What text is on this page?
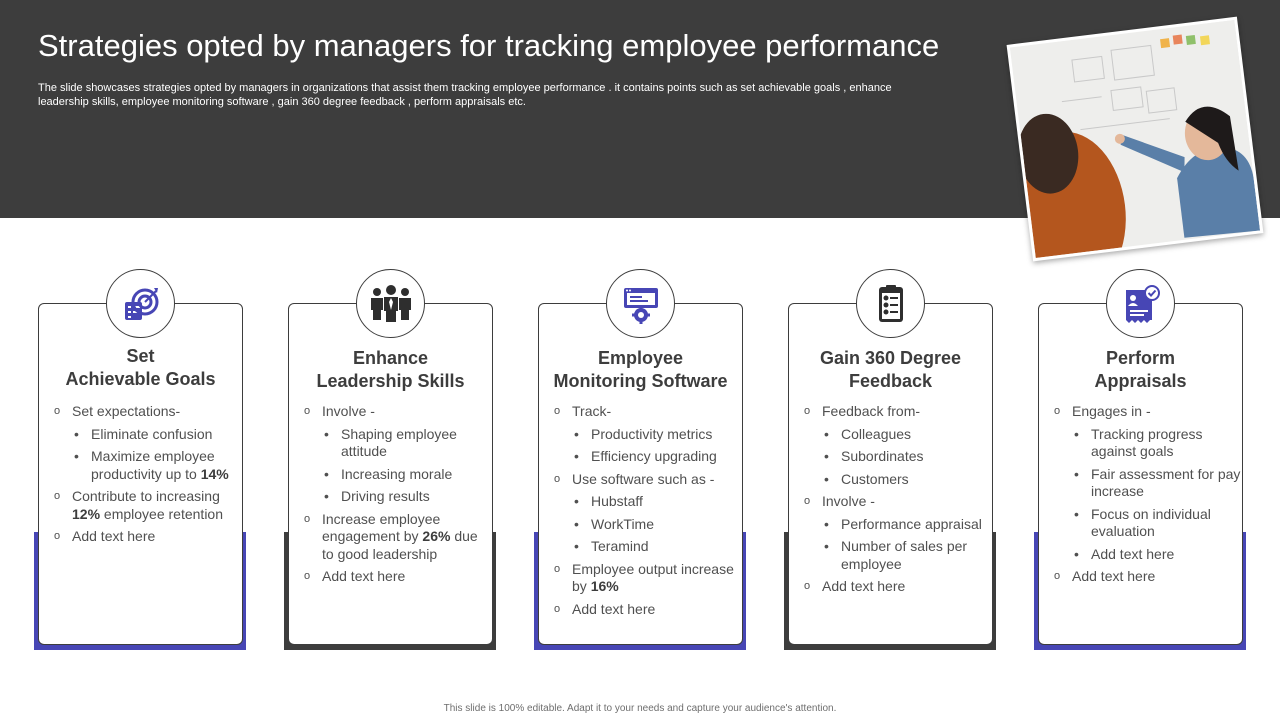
Strategies opted by managers for tracking employee performance

The slide showcases strategies opted by managers in organizations that assist them tracking employee performance . it contains points such as set achievable goals , enhance leadership skills, employee monitoring software , gain 360 degree feedback , perform appraisals etc.

Set
Achievable Goals
o Set expectations-
• Eliminate confusion
• Maximize employee productivity up to 14%
o Contribute to increasing 12% employee retention
o Add text here
Enhance
Leadership Skills
o Involve -
• Shaping employee attitude
• Increasing morale
• Driving results
o Increase employee engagement by 26% due to good leadership
o Add text here
Employee
Monitoring Software
o Track-
• Productivity metrics
• Efficiency upgrading
o Use software such as -
• Hubstaff
• WorkTime
• Teramind
o Employee output increase by 16%
o Add text here
Gain 360 Degree
Feedback
o Feedback from-
• Colleagues
• Subordinates
• Customers
o Involve -
• Performance appraisal
• Number of sales per employee
o Add text here
Perform
Appraisals
o Engages in -
• Tracking progress against goals
• Fair assessment for pay increase
• Focus on individual evaluation
• Add text here
o Add text here
This slide is 100% editable. Adapt it to your needs and capture your audience's attention.
